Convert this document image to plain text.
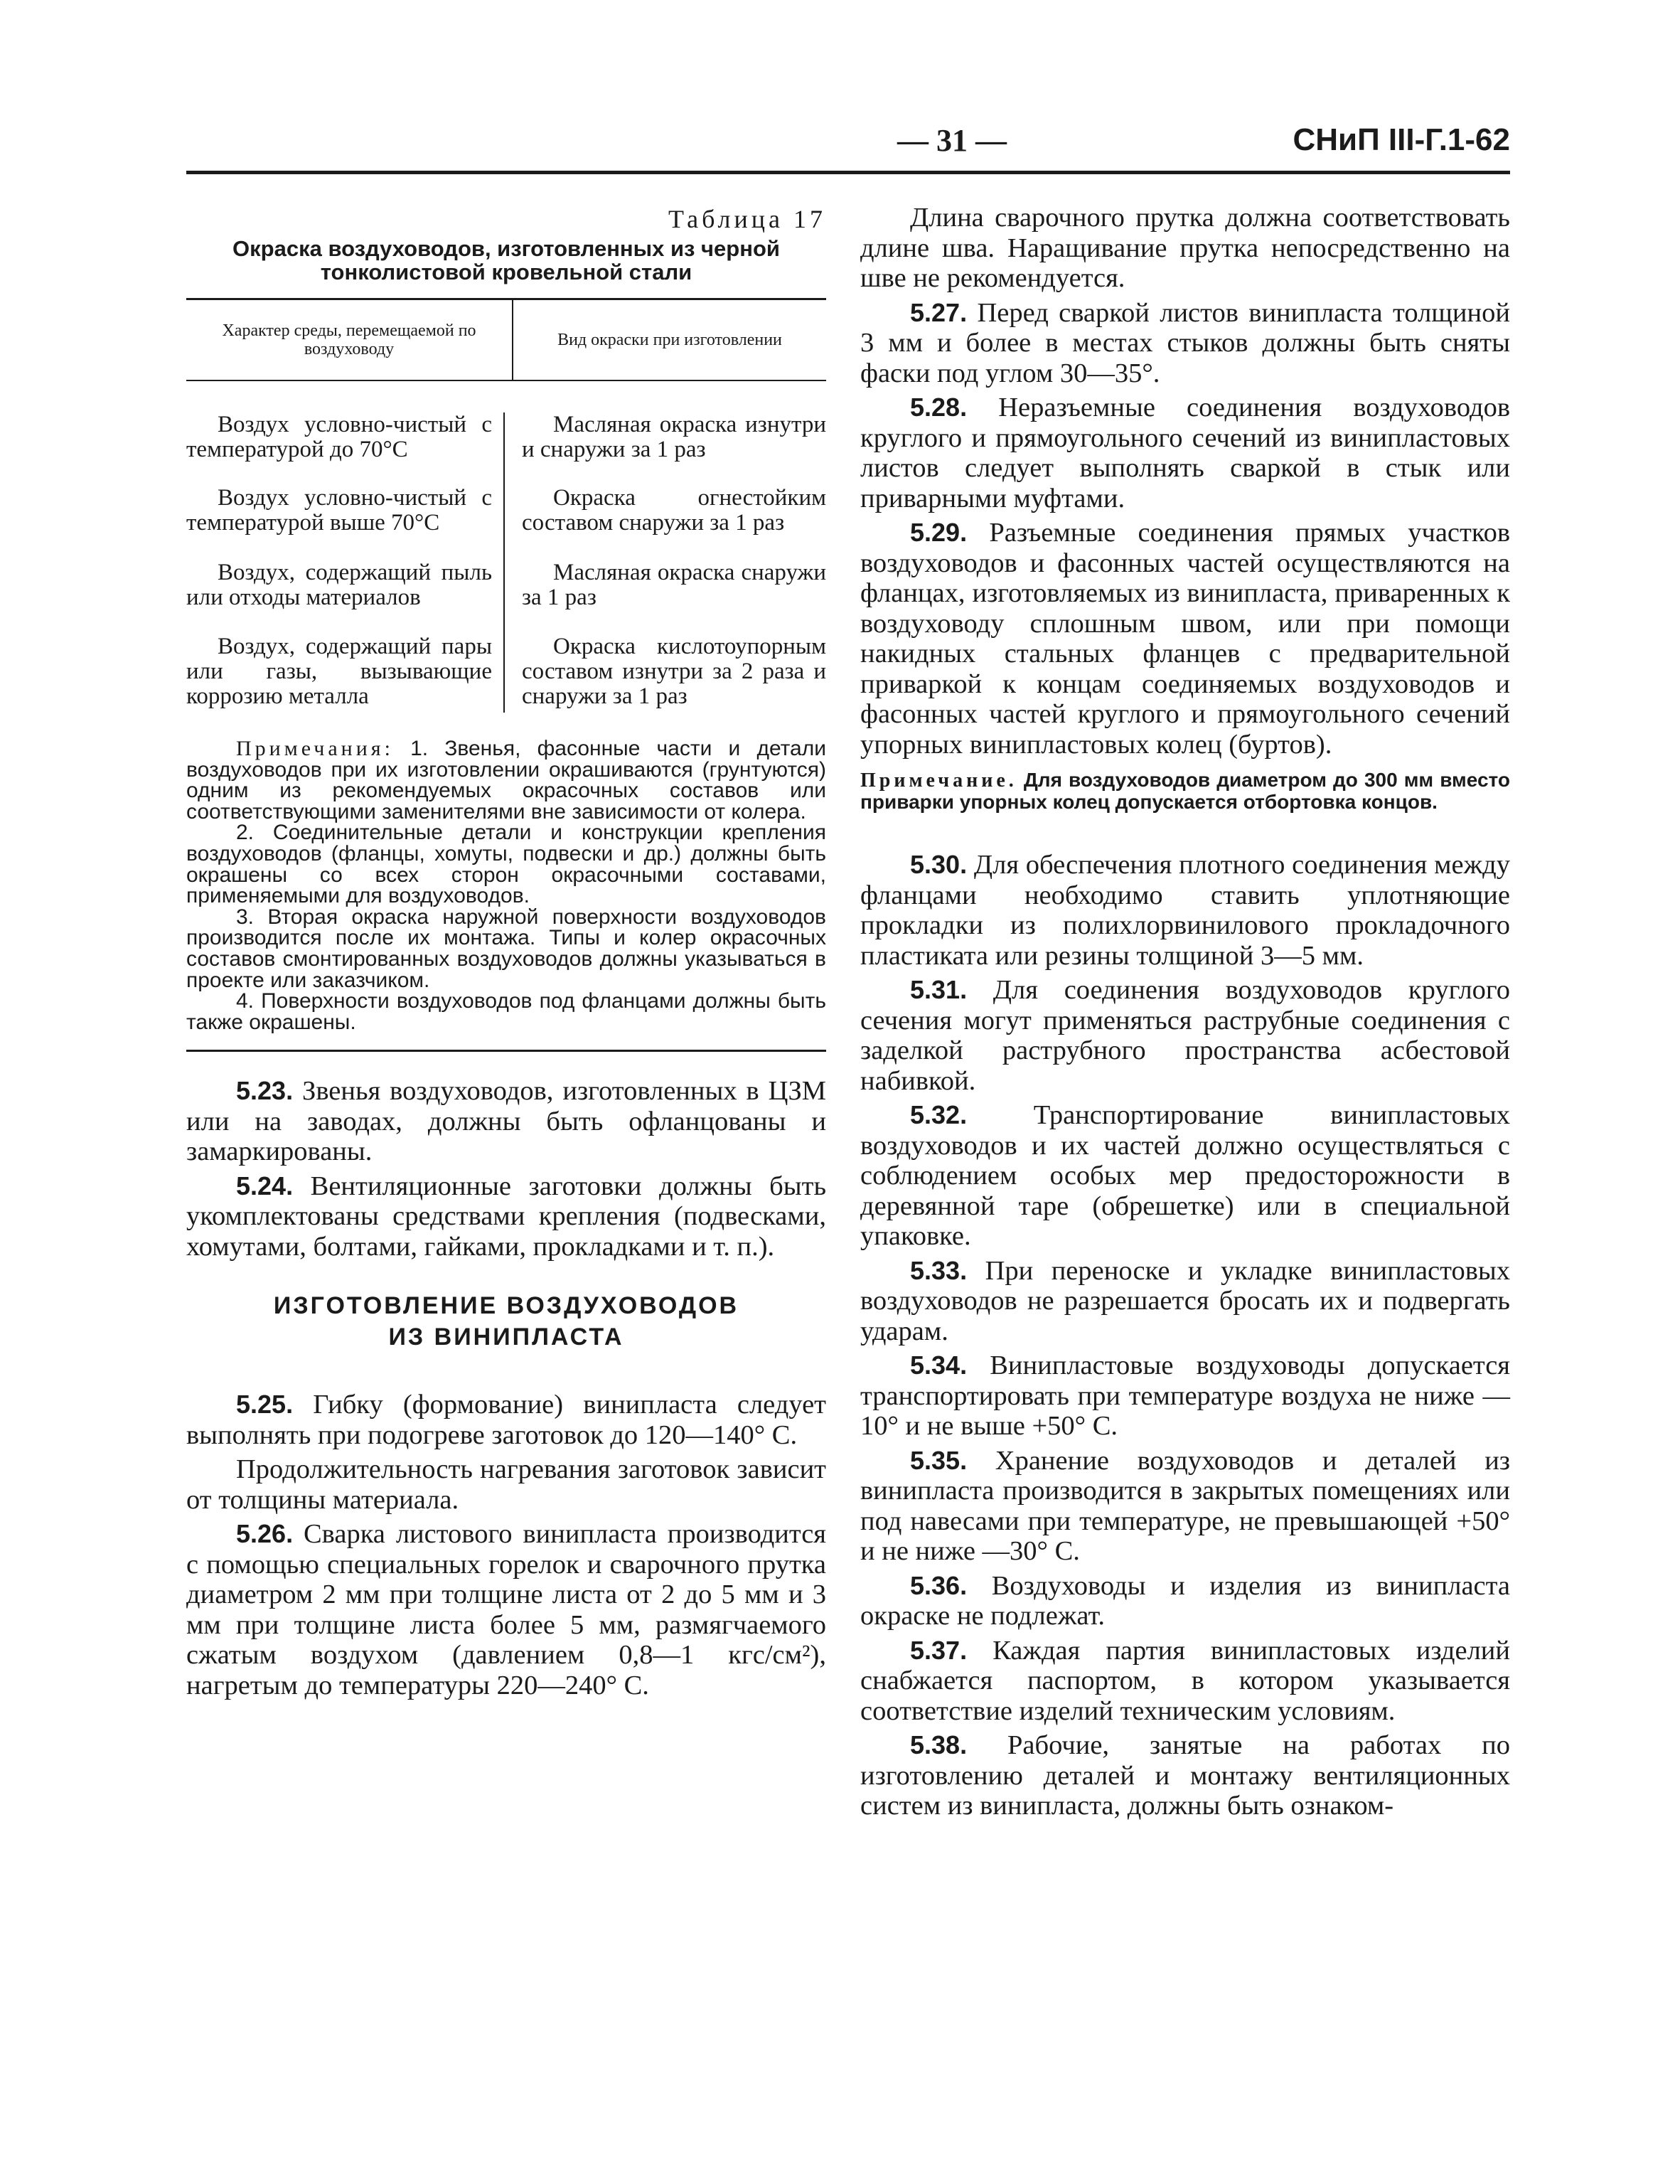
— 31 —	СНиП III-Г.1-62
Таблица 17
Окраска воздуховодов, изготовленных из черной тонколистовой кровельной стали
Характер среды, перемещаемой по воздуховоду	Вид окраски при изготовлении
Воздух условно-чистый с температурой до 70°С
Воздух условно-чистый с температурой выше 70°С
Воздух, содержащий пыль или отходы материалов
Воздух, содержащий пары или газы, вызывающие коррозию металла
Масляная окраска изнутри и снаружи за 1 раз
Окраска огнестойким составом снаружи за 1 раз
Масляная окраска снаружи за 1 раз
Окраска кислотоупорным составом изнутри за 2 раза и снаружи за 1 раз

Примечания: 1. Звенья, фасонные части и детали воздуховодов при их изготовлении окрашиваются (грунтуются) одним из рекомендуемых окрасочных составов или соответствующими заменителями вне зависимости от колера.

2. Соединительные детали и конструкции крепления воздуховодов (фланцы, хомуты, подвески и др.) должны быть окрашены со всех сторон окрасочными составами, применяемыми для воздуховодов.

3. Вторая окраска наружной поверхности воздуховодов производится после их монтажа. Типы и колер окрасочных составов смонтированных воздуховодов должны указываться в проекте или заказчиком.

4. Поверхности воздуховодов под фланцами должны быть также окрашены.

5.23. Звенья воздуховодов, изготовленных в ЦЗМ или на заводах, должны быть офланцованы и замаркированы.

5.24. Вентиляционные заготовки должны быть укомплектованы средствами крепления (подвесками, хомутами, болтами, гайками, прокладками и т. п.).

ИЗГОТОВЛЕНИЕ ВОЗДУХОВОДОВ
ИЗ ВИНИПЛАСТА

5.25. Гибку (формование) винипласта следует выполнять при подогреве заготовок до 120—140° С.

Продолжительность нагревания заготовок зависит от толщины материала.

5.26. Сварка листового винипласта производится с помощью специальных горелок и сварочного прутка диаметром 2 мм при толщине листа от 2 до 5 мм и 3 мм при толщине листа более 5 мм, размягчаемого сжатым воздухом (давлением 0,8—1 кгс/см²), нагретым до температуры 220—240° С.

Длина сварочного прутка должна соответствовать длине шва. Наращивание прутка непосредственно на шве не рекомендуется.

5.27. Перед сваркой листов винипласта толщиной 3 мм и более в местах стыков должны быть сняты фаски под углом 30—35°.

5.28. Неразъемные соединения воздуховодов круглого и прямоугольного сечений из винипластовых листов следует выполнять сваркой в стык или приварными муфтами.

5.29. Разъемные соединения прямых участков воздуховодов и фасонных частей осуществляются на фланцах, изготовляемых из винипласта, приваренных к воздуховоду сплошным швом, или при помощи накидных стальных фланцев с предварительной приваркой к концам соединяемых воздуховодов и фасонных частей круглого и прямоугольного сечений упорных винипластовых колец (буртов).

Примечание. Для воздуховодов диаметром до 300 мм вместо приварки упорных колец допускается отбортовка концов.

5.30. Для обеспечения плотного соединения между фланцами необходимо ставить уплотняющие прокладки из полихлорвинилового прокладочного пластиката или резины толщиной 3—5 мм.

5.31. Для соединения воздуховодов круглого сечения могут применяться раструбные соединения с заделкой раструбного пространства асбестовой набивкой.

5.32. Транспортирование винипластовых воздуховодов и их частей должно осуществляться с соблюдением особых мер предосторожности в деревянной таре (обрешетке) или в специальной упаковке.

5.33. При переноске и укладке винипластовых воздуховодов не разрешается бросать их и подвергать ударам.

5.34. Винипластовые воздуховоды допускается транспортировать при температуре воздуха не ниже —10° и не выше +50° С.

5.35. Хранение воздуховодов и деталей из винипласта производится в закрытых помещениях или под навесами при температуре, не превышающей +50° и не ниже —30° С.

5.36. Воздуховоды и изделия из винипласта окраске не подлежат.

5.37. Каждая партия винипластовых изделий снабжается паспортом, в котором указывается соответствие изделий техническим условиям.

5.38. Рабочие, занятые на работах по изготовлению деталей и монтажу вентиляционных систем из винипласта, должны быть ознаком-
